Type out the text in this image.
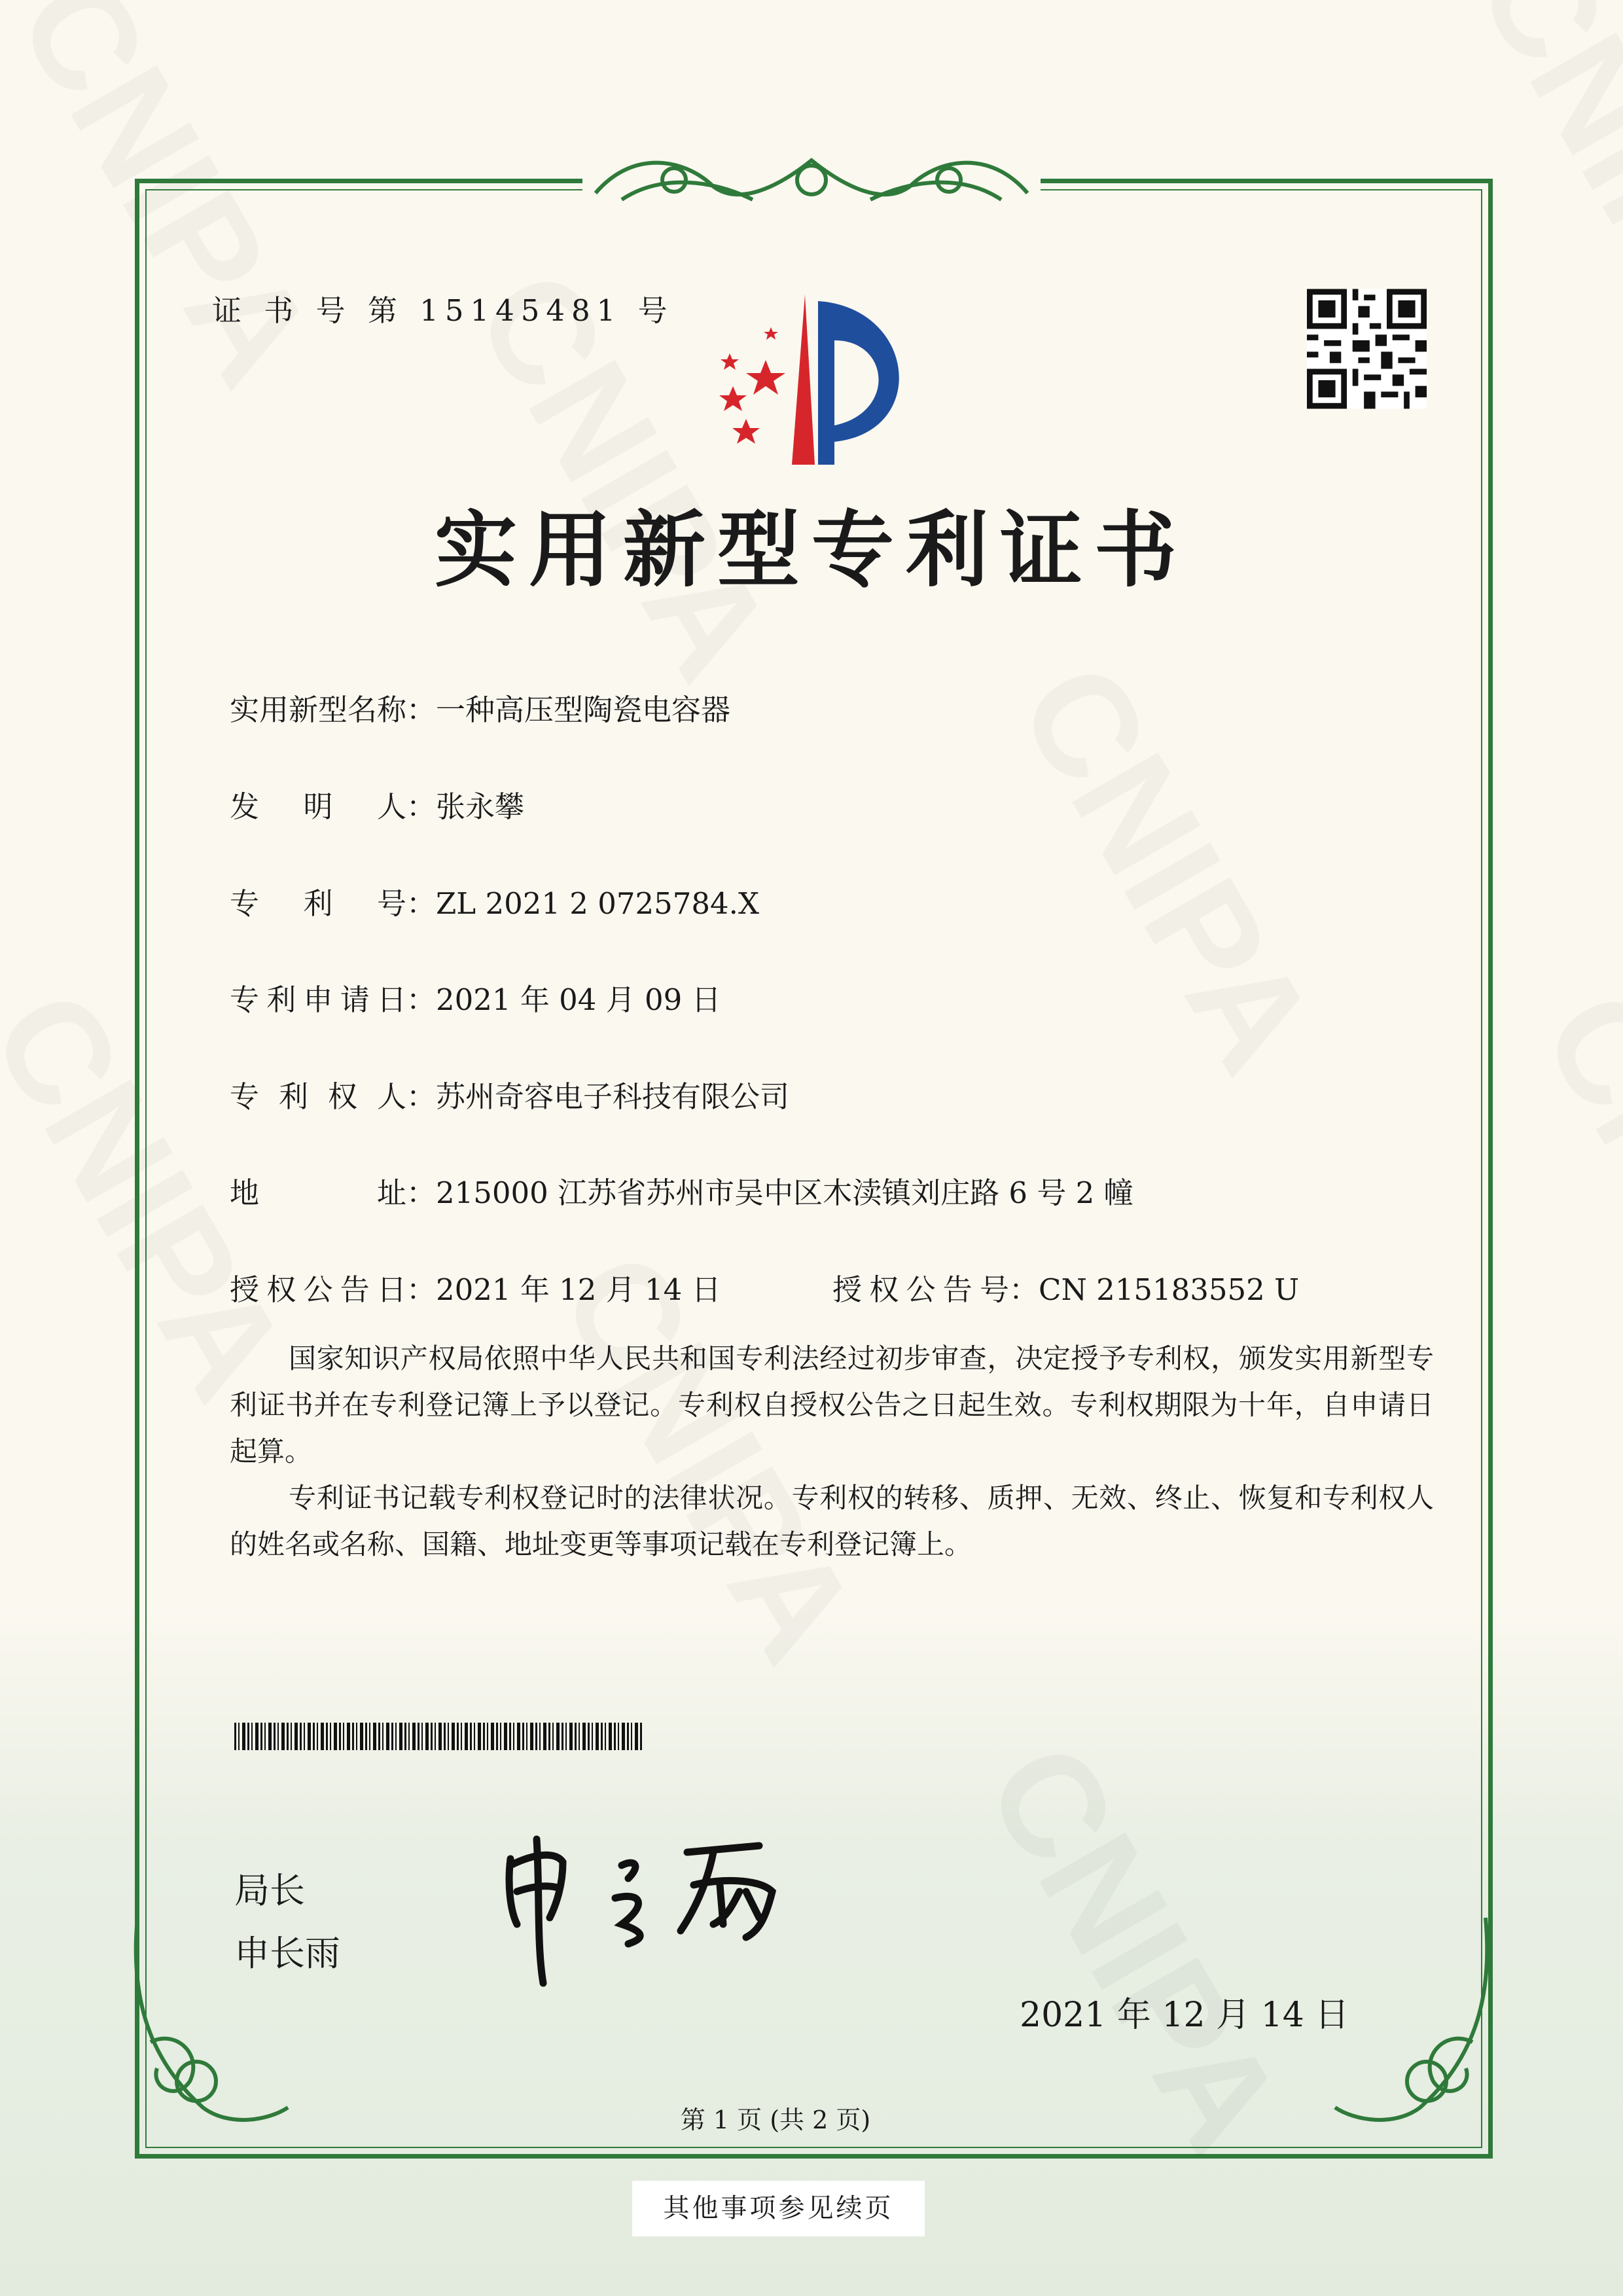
证 书 号 第 15145481 号
实用新型专利证书
实用新型名称：一种高压型陶瓷电容器
发明人：张永攀
专利号：ZL 2021 2 0725784.X
专利申请日：2021 年 04 月 09 日
专利权人：苏州奇容电子科技有限公司
地址：215000 江苏省苏州市吴中区木渎镇刘庄路 6 号 2 幢
授权公告日：2021 年 12 月 14 日	授权公告号：CN 215183552 U

国家知识产权局依照中华人民共和国专利法经过初步审查，决定授予专利权，颁发实用新型专利证书并在专利登记簿上予以登记。专利权自授权公告之日起生效。专利权期限为十年，自申请日起算。

专利证书记载专利权登记时的法律状况。专利权的转移、质押、无效、终止、恢复和专利权人的姓名或名称、国籍、地址变更等事项记载在专利登记簿上。

局长
申长雨
2021 年 12 月 14 日
第 1 页 (共 2 页)
其他事项参见续页
